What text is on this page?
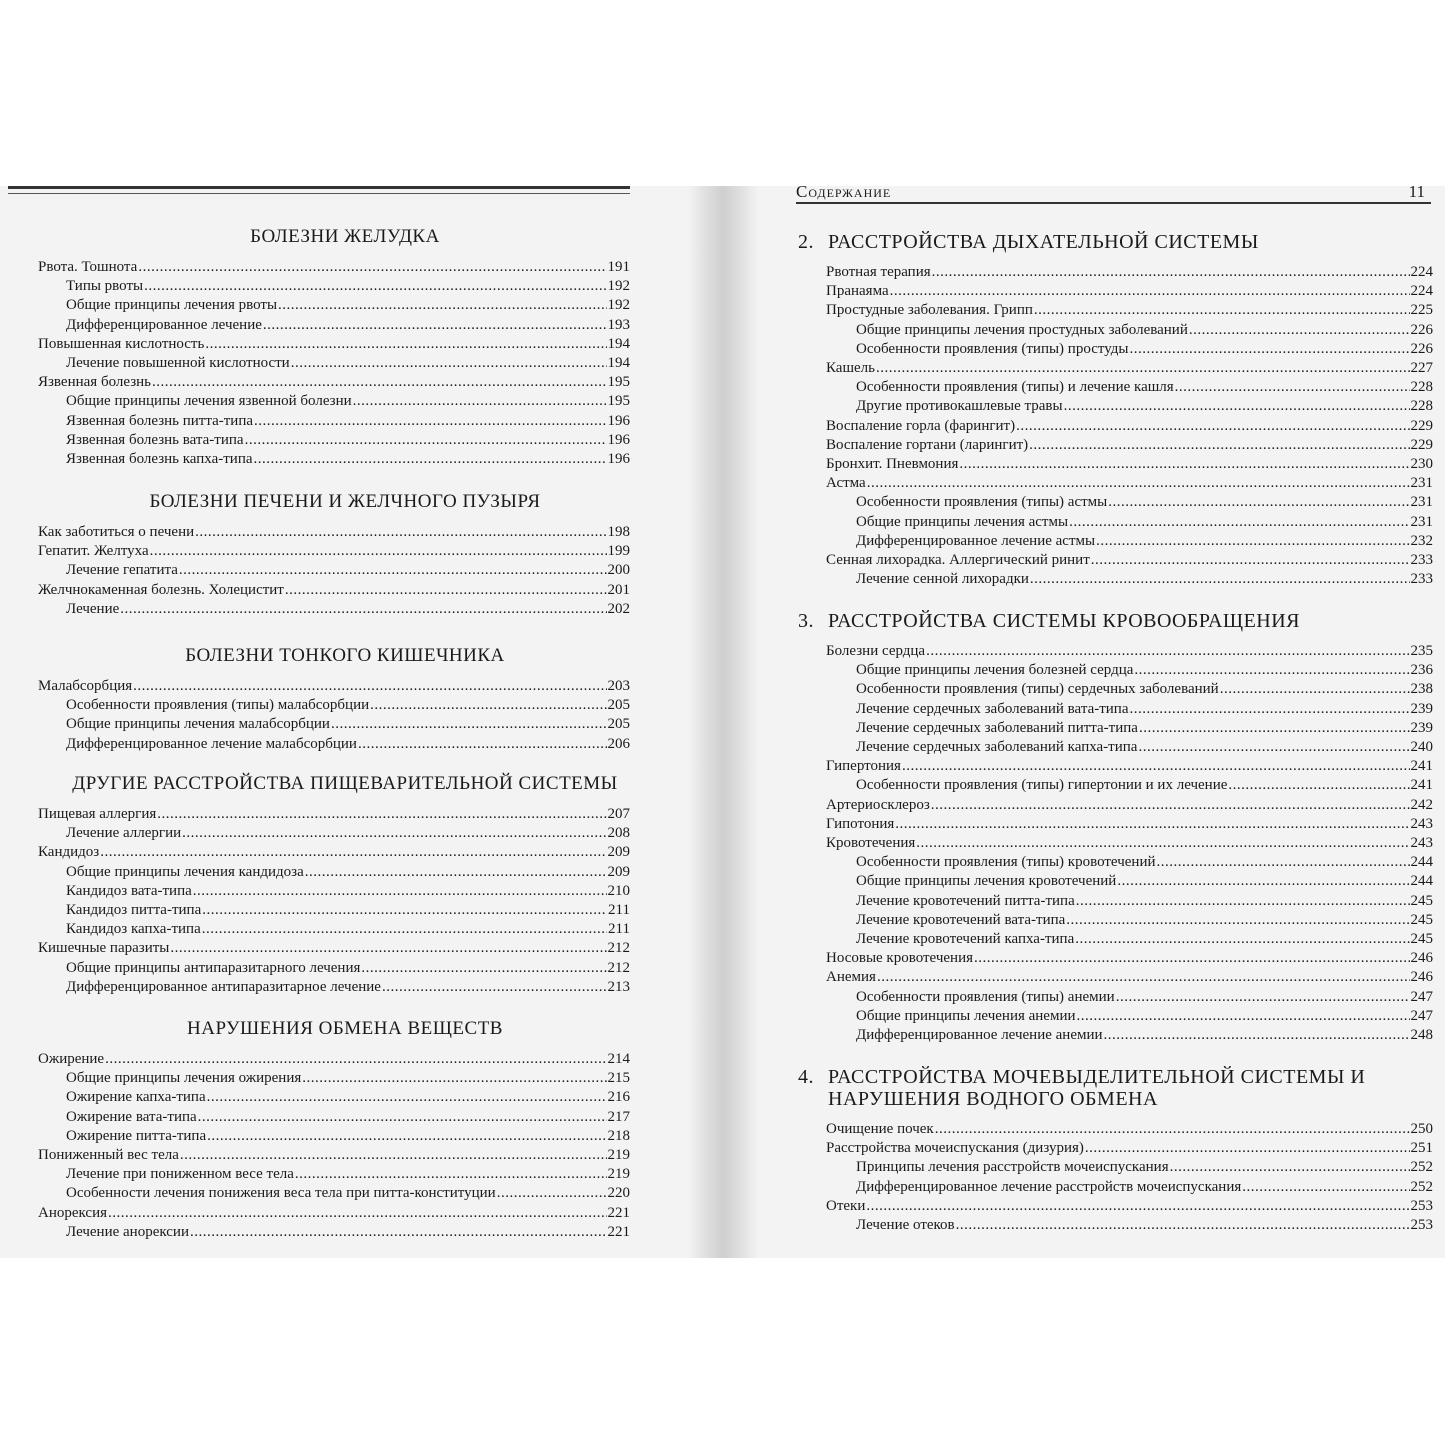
БОЛЕЗНИ ЖЕЛУДКА
Рвота. Тошнота .....	191
Типы рвоты .....	192
Общие принципы лечения рвоты .....	192
Дифференцированное лечение .....	193
Повышенная кислотность .....	194
Лечение повышенной кислотности .....	194
Язвенная болезнь .....	195
Общие принципы лечения язвенной болезни .....	195
Язвенная болезнь питта-типа .....	196
Язвенная болезнь вата-типа .....	196
Язвенная болезнь капха-типа .....	196
БОЛЕЗНИ ПЕЧЕНИ И ЖЕЛЧНОГО ПУЗЫРЯ
Как заботиться о печени .....	198
Гепатит. Желтуха .....	199
Лечение гепатита .....	200
Желчнокаменная болезнь. Холецистит .....	201
Лечение .....	202
БОЛЕЗНИ ТОНКОГО КИШЕЧНИКА
Малабсорбция .....	203
Особенности проявления (типы) малабсорбции .....	205
Общие принципы лечения малабсорбции .....	205
Дифференцированное лечение малабсорбции .....	206
ДРУГИЕ РАССТРОЙСТВА ПИЩЕВАРИТЕЛЬНОЙ СИСТЕМЫ
Пищевая аллергия .....	207
Лечение аллергии .....	208
Кандидоз .....	209
Общие принципы лечения кандидоза .....	209
Кандидоз вата-типа .....	210
Кандидоз питта-типа .....	211
Кандидоз капха-типа .....	211
Кишечные паразиты .....	212
Общие принципы антипаразитарного лечения .....	212
Дифференцированное антипаразитарное лечение .....	213
НАРУШЕНИЯ ОБМЕНА ВЕЩЕСТВ
Ожирение .....	214
Общие принципы лечения ожирения .....	215
Ожирение капха-типа .....	216
Ожирение вата-типа .....	217
Ожирение питта-типа .....	218
Пониженный вес тела .....	219
Лечение при пониженном весе тела .....	219
Особенности лечения понижения веса тела при питта-конституции .....	220
Анорексия .....	221
Лечение анорексии .....	221
Содержание	11
2. РАССТРОЙСТВА ДЫХАТЕЛЬНОЙ СИСТЕМЫ
Рвотная терапия .....	224
Пранаяма .....	224
Простудные заболевания. Грипп .....	225
Общие принципы лечения простудных заболеваний .....	226
Особенности проявления (типы) простуды .....	226
Кашель .....	227
Особенности проявления (типы) и лечение кашля .....	228
Другие противокашлевые травы .....	228
Воспаление горла (фарингит) .....	229
Воспаление гортани (ларингит) .....	229
Бронхит. Пневмония .....	230
Астма .....	231
Особенности проявления (типы) астмы .....	231
Общие принципы лечения астмы .....	231
Дифференцированное лечение астмы .....	232
Сенная лихорадка. Аллергический ринит .....	233
Лечение сенной лихорадки .....	233
3. РАССТРОЙСТВА СИСТЕМЫ КРОВООБРАЩЕНИЯ
Болезни сердца .....	235
Общие принципы лечения болезней сердца .....	236
Особенности проявления (типы) сердечных заболеваний .....	238
Лечение сердечных заболеваний вата-типа .....	239
Лечение сердечных заболеваний питта-типа .....	239
Лечение сердечных заболеваний капха-типа .....	240
Гипертония .....	241
Особенности проявления (типы) гипертонии и их лечение .....	241
Артериосклероз .....	242
Гипотония .....	243
Кровотечения .....	243
Особенности проявления (типы) кровотечений .....	244
Общие принципы лечения кровотечений .....	244
Лечение кровотечений питта-типа .....	245
Лечение кровотечений вата-типа .....	245
Лечение кровотечений капха-типа .....	245
Носовые кровотечения .....	246
Анемия .....	246
Особенности проявления (типы) анемии .....	247
Общие принципы лечения анемии .....	247
Дифференцированное лечение анемии .....	248
4. РАССТРОЙСТВА МОЧЕВЫДЕЛИТЕЛЬНОЙ СИСТЕМЫ И НАРУШЕНИЯ ВОДНОГО ОБМЕНА
Очищение почек .....	250
Расстройства мочеиспускания (дизурия) .....	251
Принципы лечения расстройств мочеиспускания .....	252
Дифференцированное лечение расстройств мочеиспускания .....	252
Отеки .....	253
Лечение отеков .....	253
